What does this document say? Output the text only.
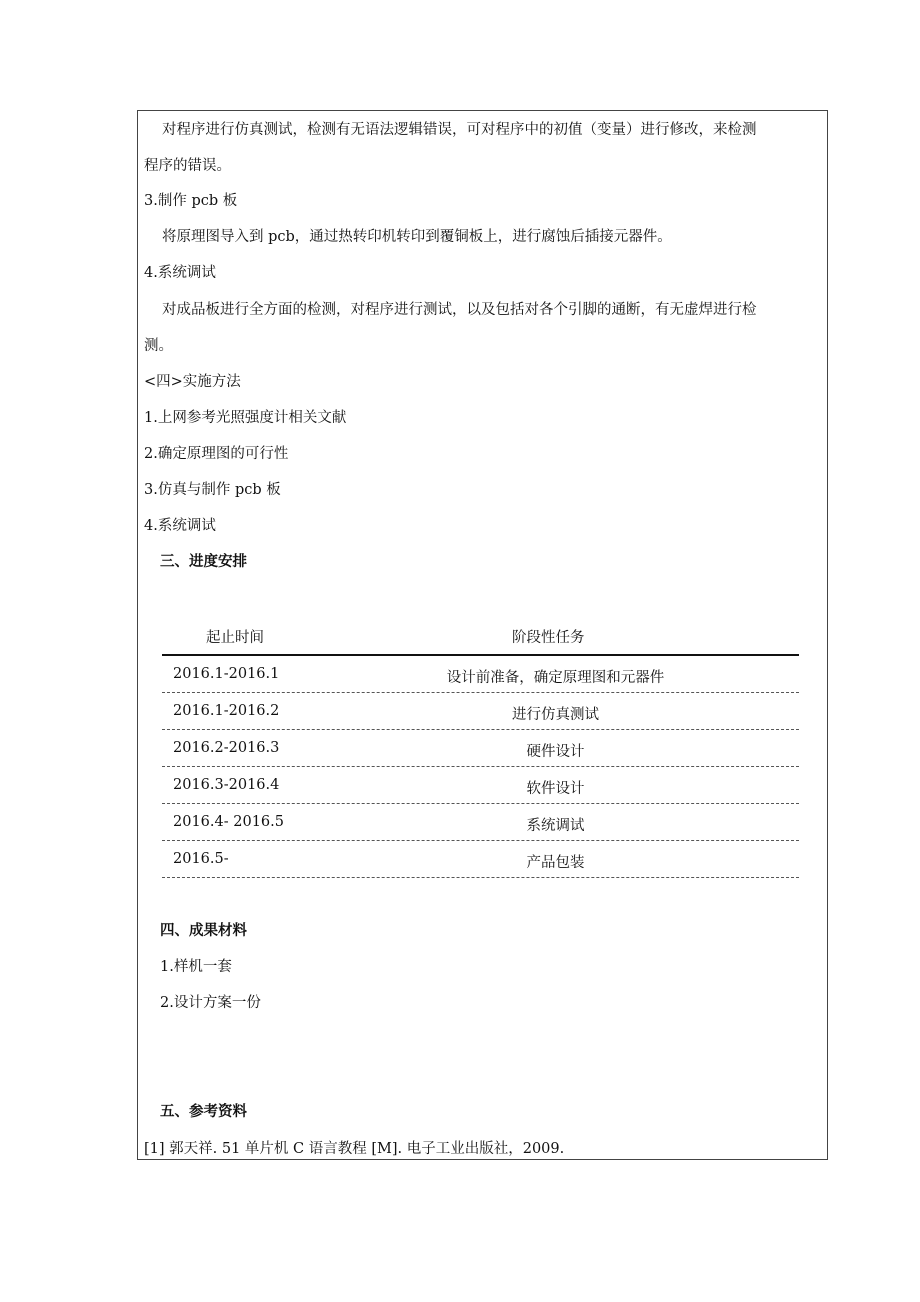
对程序进行仿真测试，检测有无语法逻辑错误，可对程序中的初值（变量）进行修改，来检测
程序的错误。
3.制作 pcb 板
将原理图导入到 pcb，通过热转印机转印到覆铜板上，进行腐蚀后插接元器件。
4.系统调试
对成品板进行全方面的检测，对程序进行测试，以及包括对各个引脚的通断，有无虚焊进行检
测。
<四>实施方法
1.上网参考光照强度计相关文献
2.确定原理图的可行性
3.仿真与制作 pcb 板
4.系统调试
三、进度安排
起止时间	阶段性任务
2016.1-2016.1	设计前准备，确定原理图和元器件
2016.1-2016.2	进行仿真测试
2016.2-2016.3	硬件设计
2016.3-2016.4	软件设计
2016.4- 2016.5	系统调试
2016.5-	产品包装
四、成果材料
1.样机一套
2.设计方案一份
五、参考资料
[1] 郭天祥. 51 单片机 C 语言教程 [M]. 电子工业出版社，2009.
